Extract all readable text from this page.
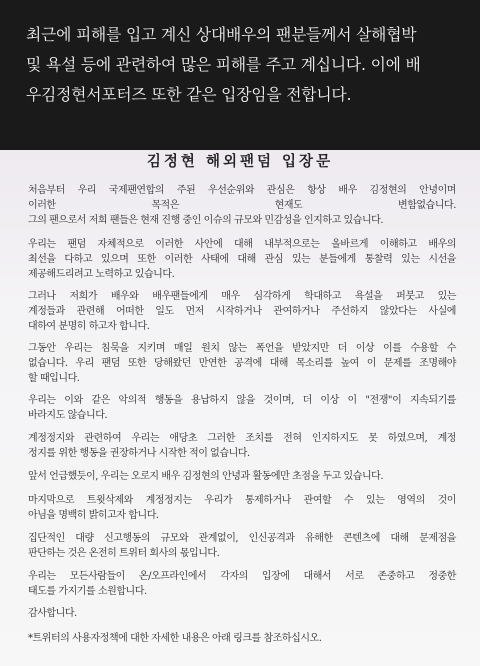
최근에 피해를 입고 계신 상대배우의 팬분들께서 살해협박
및 욕설 등에 관련하여 많은 피해를 주고 계십니다. 이에 배
우김정현서포터즈 또한 같은 입장임을 전합니다.
김정현 해외팬덤 입장문
처음부터 우리 국제팬연합의 주된 우선순위와 관심은 항상 배우 김정현의 안녕이며
이러한 목적은 현재도 변함없습니다.
그의 팬으로서 저희 팬들은 현재 진행 중인 이슈의 규모와 민감성을 인지하고 있습니다.
우리는 팬덤 자체적으로 이러한 사안에 대해 내부적으로는 올바르게 이해하고 배우의
최선을 다하고 있으며 또한 이러한 사태에 대해 관심 있는 분들에게 통찰력 있는 시선을
제공해드리려고 노력하고 있습니다.
그러나 저희가 배우와 배우팬들에게 매우 심각하게 학대하고 욕설을 퍼붓고 있는
계정들과 관련해 어떠한 일도 먼저 시작하거나 관여하거나 주선하지 않았다는 사실에
대하여 분명히 하고자 합니다.
그동안 우리는 침묵을 지키며 매일 원치 않는 폭언을 받았지만 더 이상 이를 수용할 수
없습니다. 우리 팬덤 또한 당해왔던 만연한 공격에 대해 목소리를 높여 이 문제를 조명해야
할 때입니다.
우리는 이와 같은 악의적 행동을 용납하지 않을 것이며, 더 이상 이 "전쟁"이 지속되기를
바라지도 않습니다.
계정정지와 관련하여 우리는 애당초 그러한 조치를 전혀 인지하지도 못 하였으며, 계정
정지를 위한 행동을 권장하거나 시작한 적이 없습니다.
앞서 언급했듯이, 우리는 오로지 배우 김정현의 안녕과 활동에만 초점을 두고 있습니다.
마지막으로 트윗삭제와 계정정지는 우리가 통제하거나 관여할 수 있는 영역의 것이
아님을 명백히 밝히고자 합니다.
집단적인 대량 신고행동의 규모와 관계없이, 인신공격과 유해한 콘텐츠에 대해 문제점을
판단하는 것은 온전히 트위터 회사의 몫입니다.
우리는 모든사람들이 온/오프라인에서 각자의 입장에 대해서 서로 존중하고 정중한
태도를 가지기를 소원합니다.
감사합니다.
*트위터의 사용자정책에 대한 자세한 내용은 아래 링크를 참조하십시오.
